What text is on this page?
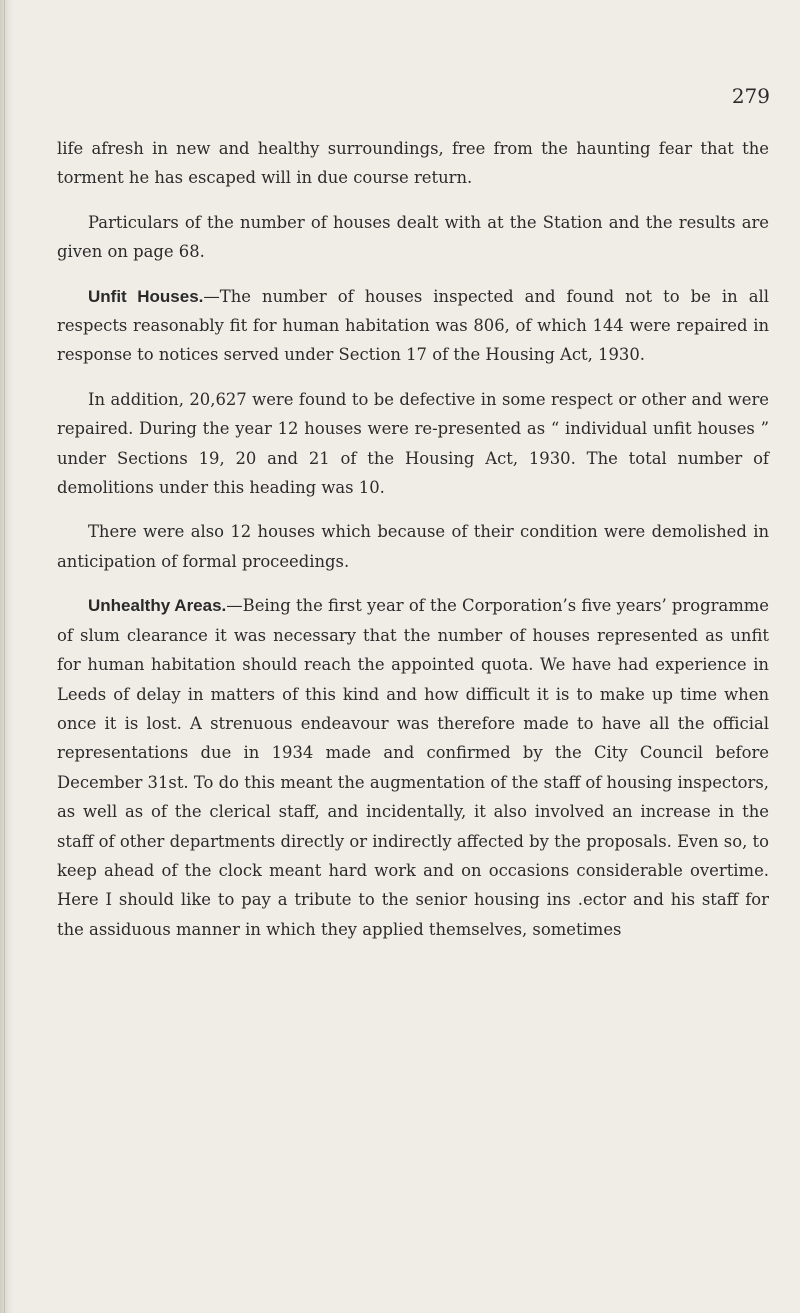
279

life afresh in new and healthy surroundings, free from the haunting fear that the torment he has escaped will in due course return.

Particulars of the number of houses dealt with at the Station and the results are given on page 68.

Unfit Houses.—The number of houses inspected and found not to be in all respects reasonably fit for human habitation was 806, of which 144 were repaired in response to notices served under Section 17 of the Housing Act, 1930.

In addition, 20,627 were found to be defective in some respect or other and were repaired. During the year 12 houses were re-presented as “ individual unfit houses ” under Sections 19, 20 and 21 of the Housing Act, 1930. The total number of demolitions under this heading was 10.

There were also 12 houses which because of their condition were demolished in anticipation of formal proceedings.

Unhealthy Areas.—Being the first year of the Corporation’s five years’ programme of slum clearance it was necessary that the number of houses represented as unfit for human habitation should reach the appointed quota. We have had experience in Leeds of delay in matters of this kind and how difficult it is to make up time when once it is lost. A strenuous endeavour was therefore made to have all the official representations due in 1934 made and confirmed by the City Council before December 31st. To do this meant the augmentation of the staff of housing inspectors, as well as of the clerical staff, and incidentally, it also involved an increase in the staff of other departments directly or indirectly affected by the proposals. Even so, to keep ahead of the clock meant hard work and on occasions considerable overtime. Here I should like to pay a tribute to the senior housing ins .ector and his staff for the assiduous manner in which they applied themselves, sometimes
